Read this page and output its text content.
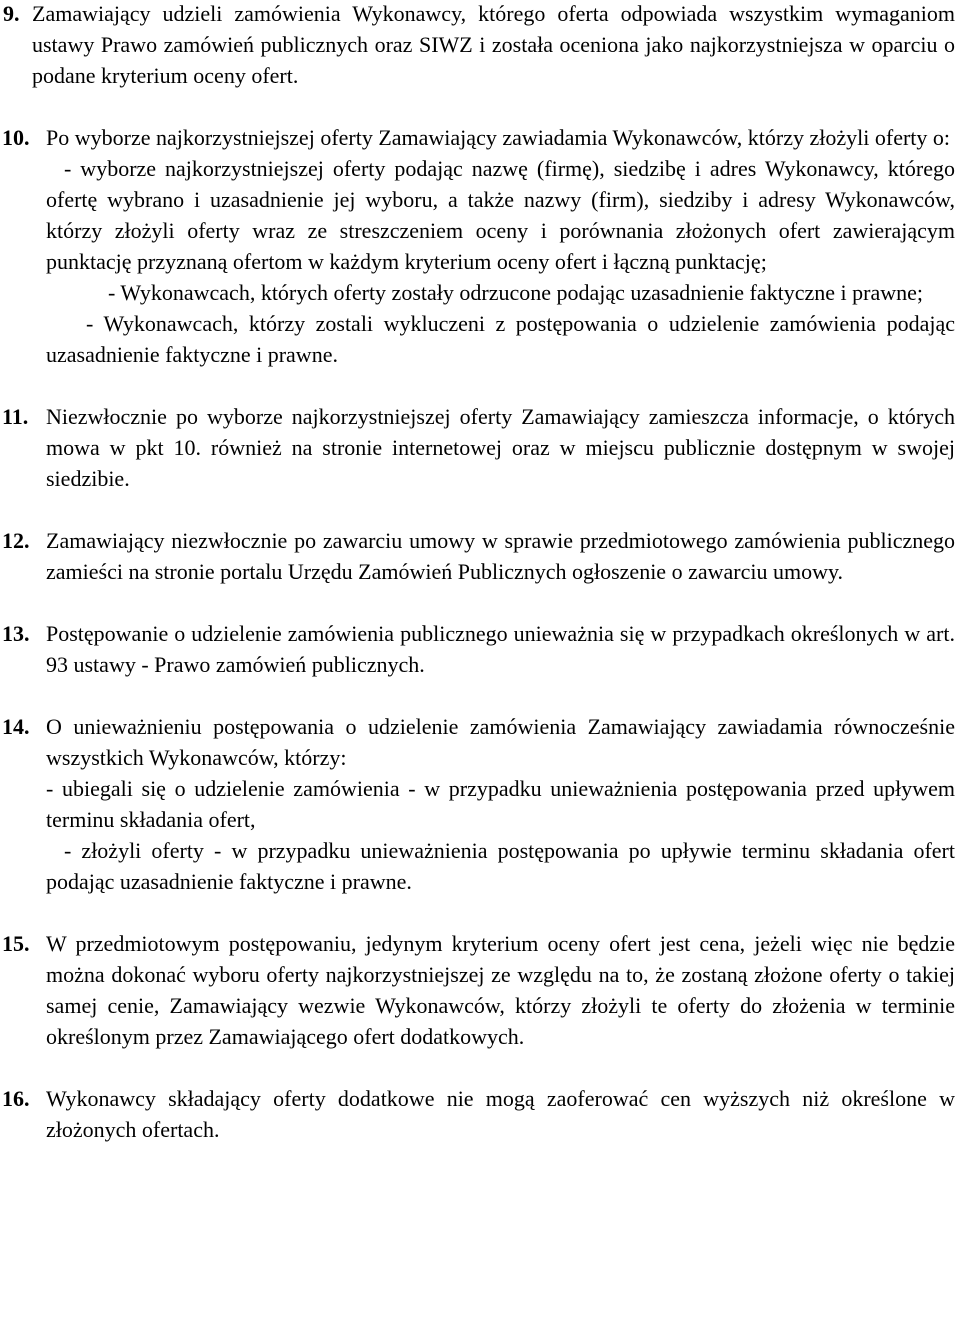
9. Zamawiający udzieli zamówienia Wykonawcy, którego oferta odpowiada wszystkim wymaganiom ustawy Prawo zamówień publicznych oraz SIWZ i została oceniona jako najkorzystniejsza w oparciu o podane kryterium oceny ofert.
10. Po wyborze najkorzystniejszej oferty Zamawiający zawiadamia Wykonawców, którzy złożyli oferty o:
- wyborze najkorzystniejszej oferty podając nazwę (firmę), siedzibę i adres Wykonawcy, którego ofertę wybrano i uzasadnienie jej wyboru, a także nazwy (firm), siedziby i adresy Wykonawców, którzy złożyli oferty wraz ze streszczeniem oceny i porównania złożonych ofert zawierającym punktację przyznaną ofertom w każdym kryterium oceny ofert i łączną punktację;
- Wykonawcach, których oferty zostały odrzucone podając uzasadnienie faktyczne i prawne;
- Wykonawcach, którzy zostali wykluczeni z postępowania o udzielenie zamówienia podając uzasadnienie faktyczne i prawne.
11. Niezwłocznie po wyborze najkorzystniejszej oferty Zamawiający zamieszcza informacje, o których mowa w pkt 10. również na stronie internetowej oraz w miejscu publicznie dostępnym w swojej siedzibie.
12. Zamawiający niezwłocznie po zawarciu umowy w sprawie przedmiotowego zamówienia publicznego zamieści na stronie portalu Urzędu Zamówień Publicznych ogłoszenie o zawarciu umowy.
13. Postępowanie o udzielenie zamówienia publicznego unieważnia się w przypadkach określonych w art. 93 ustawy - Prawo zamówień publicznych.
14. O unieważnieniu postępowania o udzielenie zamówienia Zamawiający zawiadamia równocześnie wszystkich Wykonawców, którzy:
- ubiegali się o udzielenie zamówienia - w przypadku unieważnienia postępowania przed upływem terminu składania ofert,
- złożyli oferty - w przypadku unieważnienia postępowania po upływie terminu składania ofert podając uzasadnienie faktyczne i prawne.
15. W przedmiotowym postępowaniu, jedynym kryterium oceny ofert jest cena, jeżeli więc nie będzie można dokonać wyboru oferty najkorzystniejszej ze względu na to, że zostaną złożone oferty o takiej samej cenie, Zamawiający wezwie Wykonawców, którzy złożyli te oferty do złożenia w terminie określonym przez Zamawiającego ofert dodatkowych.
16. Wykonawcy składający oferty dodatkowe nie mogą zaoferować cen wyższych niż określone w złożonych ofertach.
